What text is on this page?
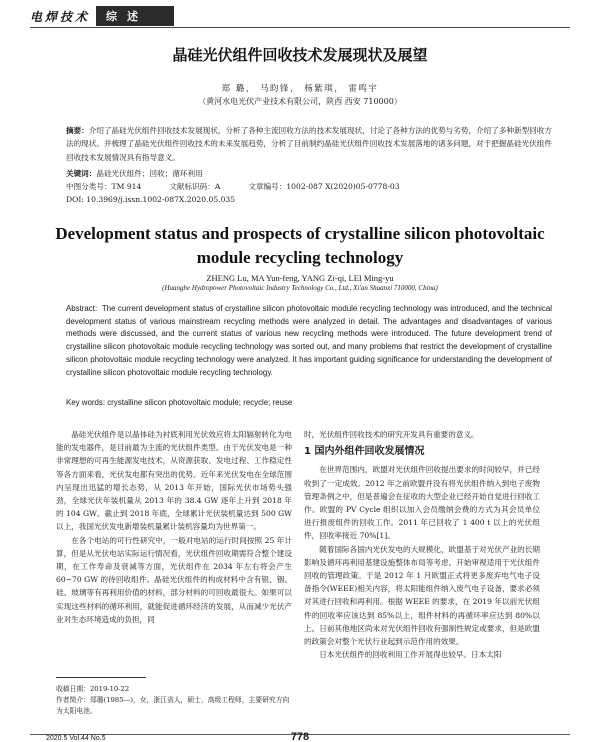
电焊技术	综述
晶硅光伏组件回收技术发展现状及展望
郑 璐， 马昀锋， 杨紫琪， 雷鸣宇
（黄河水电光伏产业技术有限公司，陕西 西安 710000）
摘要：介绍了晶硅光伏组件回收技术发展现状，分析了各种主流回收方法的技术发展现状，讨论了各种方法的优势与劣势，介绍了多种新型回收方法的现状。并梳理了晶硅光伏组件回收技术的未来发展趋势，分析了目前制约晶硅光伏组件回收技术发展落地的诸多问题，对于把握晶硅光伏组件回收技术发展情况具有指导意义。
关键词：晶硅光伏组件；回收；循环利用
中图分类号：TM 914	文献标识码：A	文章编号：1002-087 X(2020)05-0778-03
DOI: 10.3969/j.issn.1002-087X.2020.05.035
Development status and prospects of crystalline silicon photovoltaic module recycling technology
ZHENG Lu, MA Yun-feng, YANG Zi-qi, LEI Ming-yu
(Huanghe Hydropower Photovoltaic Industry Technology Co., Ltd., Xi'an Shaanxi 710000, China)
Abstract: The current development status of crystalline silicon photovoltaic module recycling technology was introduced, and the technical development status of various mainstream recycling methods were analyzed in detail. The advantages and disadvantages of various methods were discussed, and the current status of various new recycling methods were introduced. The future development trend of crystalline silicon photovoltaic module recycling technology was sorted out, and many problems that restrict the development of crystalline silicon photovoltaic module recycling technology were analyzed. It has important guiding significance for understanding the development of crystalline silicon photovoltaic module recycling technology.
Key words: crystalline silicon photovoltaic module; recycle; reuse

晶硅光伏组件是以晶体硅为衬底利用光伏效应将太阳辐射转化为电能的发电器件，是目前最为主流的光伏组件类型。由于光伏发电是一种非常理想的可再生能源发电技术，从资源获取、发电过程、工作稳定性等各方面来看，光伏发电都有突出的优势。近年来光伏发电在全球范围内呈现出迅猛的增长态势，从 2013 年开始，国际光伏市场势头强劲，全球光伏年装机量从 2013 年的 38.4 GW 逐年上升到 2018 年的 104 GW。截止到 2018 年底，全球累计光伏装机量达到 500 GW 以上，我国光伏发电新增装机量累计装机容量均为世界第一。

在各个电站的可行性研究中，一般对电站的运行时间按照 25 年计算，但是从光伏电站实际运行情况看，光伏组件回收期需符合整个建设期，在工作寿命及衰减等方面，光伏组件在 2034 年左右将会产生 60~70 GW 的待回收组件。晶硅光伏组件的构成材料中含有银、铟、硅、玻璃等有再利用价值的材料，部分材料的可回收最很大。如果可以实现这些材料的循环利用，就能促进循环经济的发展，从而减少光伏产业对生态环境造成的负担，同

时，光伏组件回收技术的研究开发具有重要的意义。

1 国内外组件回收发展情况

在世界范围内，欧盟对光伏组件回收提出要求的时间较早，并已经收到了一定成效。2012 年之前欧盟并没有将光伏组件纳入到电子废物管理条例之中，但是普遍会在征收的大型企业已经开始自觉进行回收工作。欧盟的 PV Cycle 组织以加入会员缴纳会费的方式为其会员单位进行报废组件的回收工作。2011 年已回收了 1 400 t 以上的光伏组件，回收率接近 70%[1]。

随着国际各国内光伏发电的大规模化，欧盟基于对光伏产业的长期影响及循环再利用基建设施整体布局等考虑，开始审视适用于光伏组件回收的管理政策。于是 2012 年 1 月欧盟正式将更多废弃电气电子设备指令(WEEE)相关内容，将太阳能组件纳入废气电子设备，要求必须对其进行回收和再利用。根据 WEEE 的要求，在 2019 年以前光伏组件的回收率应该达到 85%以上，组件材料的再循环率应达到 80%以上。日前其他地区尚未对光伏组件回收有强制性规定或要求，但是欧盟的政策会对整个光伏行业起到示范作用的效果。

日本光伏组件的回收利用工作开展得也较早。日本太阳

收稿日期：2019-10-22
作者简介：郑璐(1985—)，女，浙江省人，硕士，高级工程师，主要研究方向为太阳电池。
2020.5 Vol.44 No.5	778
